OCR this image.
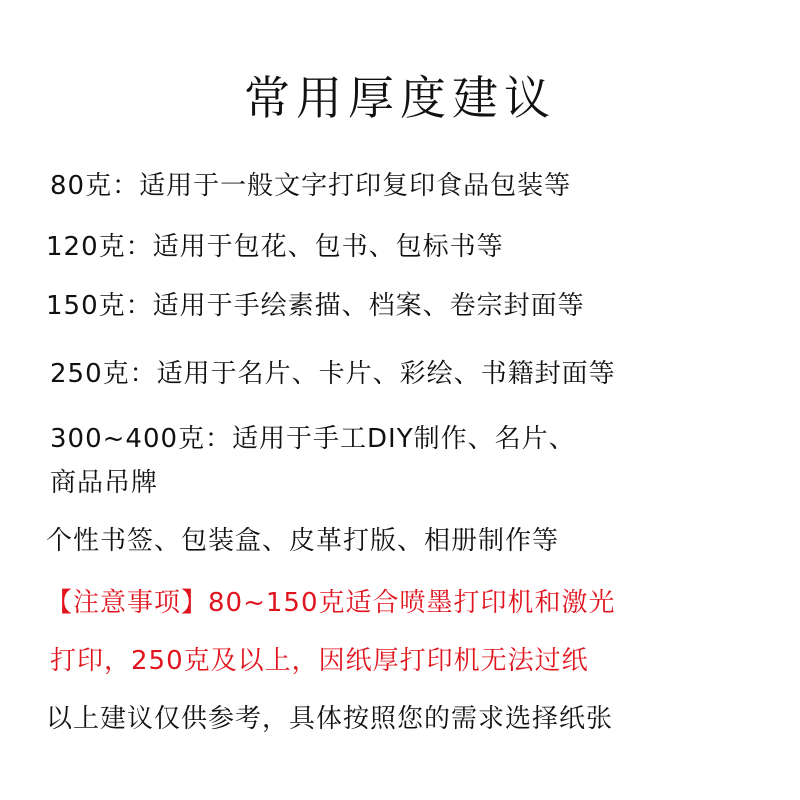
常用厚度建议
80克：适用于一般文字打印复印食品包装等
120克：适用于包花、包书、包标书等
150克：适用于手绘素描、档案、卷宗封面等
250克：适用于名片、卡片、彩绘、书籍封面等
300~400克：适用于手工DIY制作、名片、
商品吊牌
个性书签、包装盒、皮革打版、相册制作等
【注意事项】80~150克适合喷墨打印机和激光
打印，250克及以上，因纸厚打印机无法过纸
以上建议仅供参考，具体按照您的需求选择纸张
